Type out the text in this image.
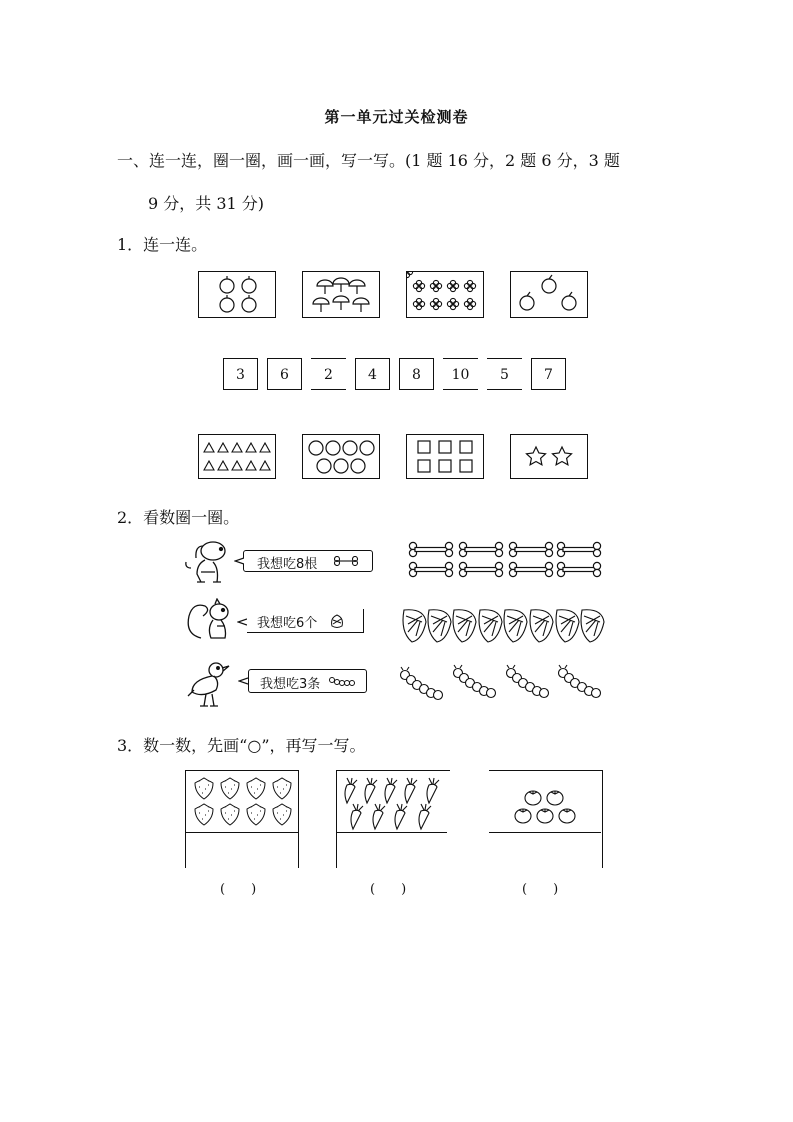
第一单元过关检测卷
一、连一连，圈一圈，画一画，写一写。(1 题 16 分，2 题 6 分，3 题
9 分，共 31 分)
1．连一连。
3	6	2	4	8	10	5	7
2．看数圈一圈。
我想吃8根
我想吃6个
我想吃3条
3．数一数，先画“○”，再写一写。
(　　)	(　　)	(　　)
